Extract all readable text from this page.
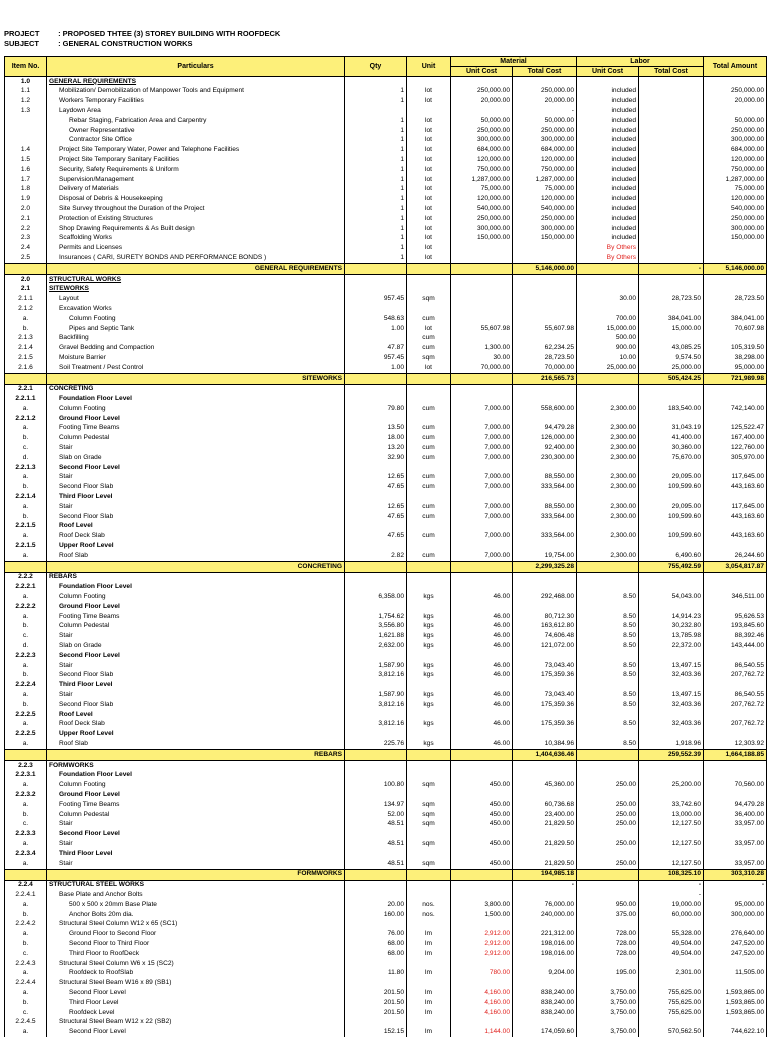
PROJECT : PROPOSED THTEE (3) STOREY BUILDING WITH ROOFDECK
SUBJECT	: GENERAL CONSTRUCTION WORKS
Item No.	Particulars	Qty	Unit	Material		Labor		Total Amount
				Unit Cost	Total Cost	Unit Cost	Total Cost	
1.0	GENERAL REQUIREMENTS							
1.1	Mobilization/ Demobilization of Manpower Tools and Equipment	1	lot	250,000.00	250,000.00	included		250,000.00
1.2	Workers Temporary Facilities	1	lot	20,000.00	20,000.00	included		20,000.00
1.3	Laydown Area				-	included		
	Rebar Staging, Fabrication Area and Carpentry	1	lot	50,000.00	50,000.00	included		50,000.00
	Owner Representative	1	lot	250,000.00	250,000.00	included		250,000.00
	Contractor Site Office	1	lot	300,000.00	300,000.00	included		300,000.00
1.4	Project Site Temporary Water, Power and Telephone Facilities	1	lot	684,000.00	684,000.00	included		684,000.00
1.5	Project Site Temporary Sanitary Facilities	1	lot	120,000.00	120,000.00	included		120,000.00
1.6	Security, Safety Requirements & Uniform	1	lot	750,000.00	750,000.00	included		750,000.00
1.7	Supervision/Management	1	lot	1,287,000.00	1,287,000.00	included		1,287,000.00
1.8	Delivery of Materials	1	lot	75,000.00	75,000.00	included		75,000.00
1.9	Disposal of Debris & Housekeeping	1	lot	120,000.00	120,000.00	included		120,000.00
2.0	Site Survey throughout the Duration of the Project	1	lot	540,000.00	540,000.00	included		540,000.00
2.1	Protection of Existing Structures	1	lot	250,000.00	250,000.00	included		250,000.00
2.2	Shop Drawing Requirements & As Built design	1	lot	300,000.00	300,000.00	included		300,000.00
2.3	Scaffolding Works	1	lot	150,000.00	150,000.00	included		150,000.00
2.4	Permits and Licenses	1	lot			By Others		
2.5	Insurances ( CARI, SURETY BONDS AND PERFORMANCE BONDS )	1	lot			By Others		
	GENERAL REQUIREMENTS				5,146,000.00		-	5,146,000.00
2.0	STRUCTURAL WORKS							
2.1	SITEWORKS							
2.1.1	Layout	957.45	sqm			30.00	28,723.50	28,723.50
2.1.2	Excavation Works							
a.	Column Footing	548.63	cum			700.00	384,041.00	384,041.00
b.	Pipes and Septic Tank	1.00	lot	55,607.98	55,607.98	15,000.00	15,000.00	70,607.98
2.1.3	Backfilling		cum			500.00		
2.1.4	Gravel Bedding and Compaction	47.87	cum	1,300.00	62,234.25	900.00	43,085.25	105,319.50
2.1.5	Moisture Barrier	957.45	sqm	30.00	28,723.50	10.00	9,574.50	38,298.00
2.1.6	Soil Treatment / Pest Control	1.00	lot	70,000.00	70,000.00	25,000.00	25,000.00	95,000.00
	SITEWORKS				216,565.73		505,424.25	721,989.98
2.2.1	CONCRETING							
2.2.1.1	Foundation Floor Level							
a.	Column Footing	79.80	cum	7,000.00	558,600.00	2,300.00	183,540.00	742,140.00
2.2.1.2	Ground Floor Level							
a.	Footing Time Beams	13.50	cum	7,000.00	94,479.28	2,300.00	31,043.19	125,522.47
b.	Column Pedestal	18.00	cum	7,000.00	126,000.00	2,300.00	41,400.00	167,400.00
c.	Stair	13.20	cum	7,000.00	92,400.00	2,300.00	30,360.00	122,760.00
d.	Slab on Grade	32.90	cum	7,000.00	230,300.00	2,300.00	75,670.00	305,970.00
2.2.1.3	Second Floor Level							
a.	Stair	12.65	cum	7,000.00	88,550.00	2,300.00	29,095.00	117,645.00
b.	Second Floor Slab	47.65	cum	7,000.00	333,564.00	2,300.00	109,599.60	443,163.60
2.2.1.4	Third Floor Level							
a.	Stair	12.65	cum	7,000.00	88,550.00	2,300.00	29,095.00	117,645.00
b.	Second Floor Slab	47.65	cum	7,000.00	333,564.00	2,300.00	109,599.60	443,163.60
2.2.1.5	Roof Level							
a.	Roof Deck Slab	47.65	cum	7,000.00	333,564.00	2,300.00	109,599.60	443,163.60
2.2.1.5	Upper Roof Level							
a.	Roof Slab	2.82	cum	7,000.00	19,754.00	2,300.00	6,490.60	26,244.60
	CONCRETING				2,299,325.28		755,492.59	3,054,817.87
2.2.2	REBARS							
2.2.2.1	Foundation Floor Level							
a.	Column Footing	6,358.00	kgs	46.00	292,468.00	8.50	54,043.00	346,511.00
2.2.2.2	Ground Floor Level							
a.	Footing Time Beams	1,754.62	kgs	46.00	80,712.30	8.50	14,914.23	95,626.53
b.	Column Pedestal	3,556.80	kgs	46.00	163,612.80	8.50	30,232.80	193,845.60
c.	Stair	1,621.88	kgs	46.00	74,606.48	8.50	13,785.98	88,392.46
d.	Slab on Grade	2,632.00	kgs	46.00	121,072.00	8.50	22,372.00	143,444.00
2.2.2.3	Second Floor Level							
a.	Stair	1,587.90	kgs	46.00	73,043.40	8.50	13,497.15	86,540.55
b.	Second Floor Slab	3,812.16	kgs	46.00	175,359.36	8.50	32,403.36	207,762.72
2.2.2.4	Third Floor Level							
a.	Stair	1,587.90	kgs	46.00	73,043.40	8.50	13,497.15	86,540.55
b.	Second Floor Slab	3,812.16	kgs	46.00	175,359.36	8.50	32,403.36	207,762.72
2.2.2.5	Roof Level							
a.	Roof Deck Slab	3,812.16	kgs	46.00	175,359.36	8.50	32,403.36	207,762.72
2.2.2.5	Upper Roof Level							
a.	Roof Slab	225.76	kgs	46.00	10,384.96	8.50	1,918.96	12,303.92
	REBARS				1,404,636.46		259,552.39	1,664,188.85
2.2.3	FORMWORKS							
2.2.3.1	Foundation Floor Level							
a.	Column Footing	100.80	sqm	450.00	45,360.00	250.00	25,200.00	70,560.00
2.2.3.2	Ground Floor Level							
a.	Footing Time Beams	134.97	sqm	450.00	60,736.68	250.00	33,742.60	94,479.28
b.	Column Pedestal	52.00	sqm	450.00	23,400.00	250.00	13,000.00	36,400.00
c.	Stair	48.51	sqm	450.00	21,829.50	250.00	12,127.50	33,957.00
2.2.3.3	Second Floor Level							
a.	Stair	48.51	sqm	450.00	21,829.50	250.00	12,127.50	33,957.00
2.2.3.4	Third Floor Level							
a.	Stair	48.51	sqm	450.00	21,829.50	250.00	12,127.50	33,957.00
	FORMWORKS				194,985.18		108,325.10	303,310.28
2.2.4	STRUCTURAL STEEL WORKS				-		-	-
2.2.4.1	Base Plate and Anchor Bolts						-	
a.	500 x 500 x 20mm Base Plate	20.00	nos.	3,800.00	76,000.00	950.00	19,000.00	95,000.00
b.	Anchor Bolts 20m dia.	160.00	nos.	1,500.00	240,000.00	375.00	60,000.00	300,000.00
2.2.4.2	Structural Steel Column W12 x 65 (SC1)							
a.	Ground Floor to Second Floor	76.00	lm	2,912.00	221,312.00	728.00	55,328.00	276,640.00
b.	Second Floor to Third Floor	68.00	lm	2,912.00	198,016.00	728.00	49,504.00	247,520.00
c.	Third Floor to RoofDeck	68.00	lm	2,912.00	198,016.00	728.00	49,504.00	247,520.00
2.2.4.3	Structural Steel Column W6 x 15 (SC2)							
a.	Roofdeck to RoofSlab	11.80	lm	780.00	9,204.00	195.00	2,301.00	11,505.00
2.2.4.4	Structural Steel Beam W16 x 89 (SB1)							
a.	Second Floor Level	201.50	lm	4,160.00	838,240.00	3,750.00	755,625.00	1,593,865.00
b.	Third Floor Level	201.50	lm	4,160.00	838,240.00	3,750.00	755,625.00	1,593,865.00
c.	Roofdeck Level	201.50	lm	4,160.00	838,240.00	3,750.00	755,625.00	1,593,865.00
2.2.4.5	Structural Steel Beam W12 x 22 (SB2)							
a.	Second Floor Level	152.15	lm	1,144.00	174,059.60	3,750.00	570,562.50	744,622.10
